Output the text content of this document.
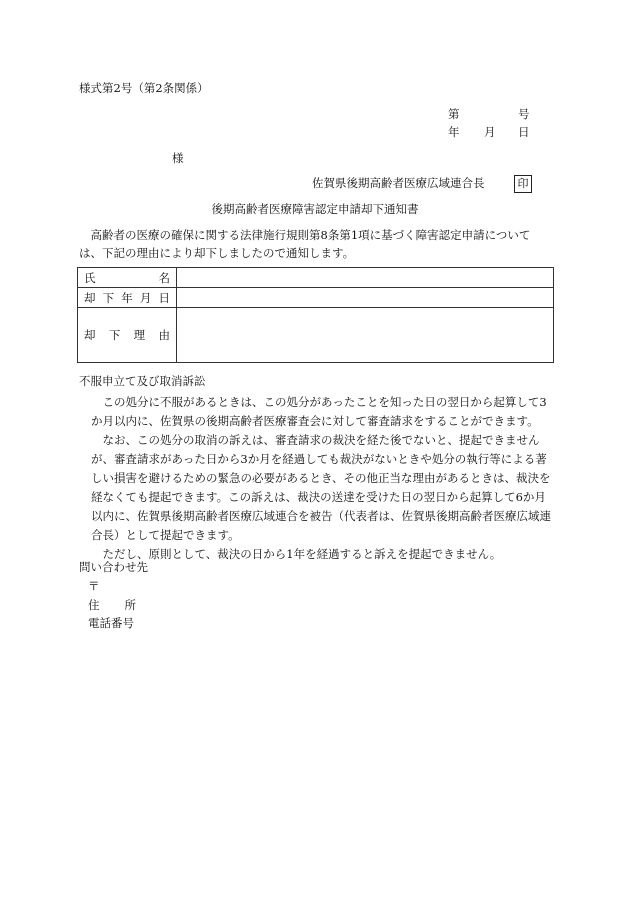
様式第2号（第2条関係）
第	号
年 月 日
様
佐賀県後期高齢者医療広域連合長	印
後期高齢者医療障害認定申請却下通知書

高齢者の医療の確保に関する法律施行規則第8条第1項に基づく障害認定申請については、下記の理由により却下しましたので通知します。

氏 名	

却 下 年 月 日	

却 下 理 由	

不服申立て及び取消訴訟

この処分に不服があるときは、この処分があったことを知った日の翌日から起算して3か月以内に、佐賀県の後期高齢者医療審査会に対して審査請求をすることができます。

なお、この処分の取消の訴えは、審査請求の裁決を経た後でないと、提起できませんが、審査請求があった日から3か月を経過しても裁決がないときや処分の執行等による著しい損害を避けるための緊急の必要があるとき、その他正当な理由があるときは、裁決を経なくても提起できます。この訴えは、裁決の送達を受けた日の翌日から起算して6か月以内に、佐賀県後期高齢者医療広域連合を被告（代表者は、佐賀県後期高齢者医療広域連合長）として提起できます。

ただし、原則として、裁決の日から1年を経過すると訴えを提起できません。

問い合わせ先
〒
住 所
電話番号
